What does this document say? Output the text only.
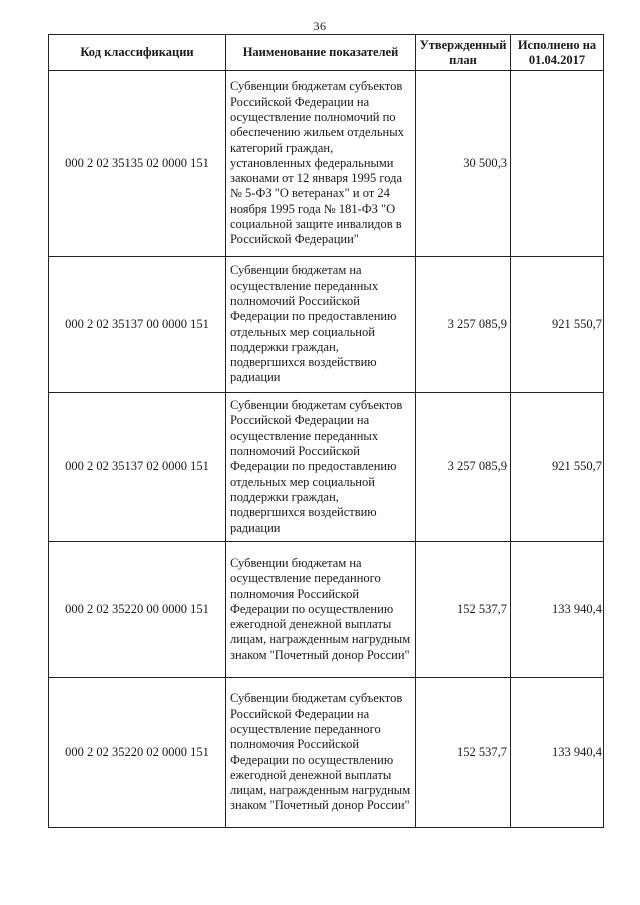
36
Код классификации	Наименование показателей	Утвержденный план	Исполнено на 01.04.2017
000 2 02 35135 02 0000 151	Субвенции бюджетам субъектов Российской Федерации на осуществление полномочий по обеспечению жильем отдельных категорий граждан, установленных федеральными законами от 12 января 1995 года № 5-ФЗ "О ветеранах" и от 24 ноября 1995 года № 181-ФЗ "О социальной защите инвалидов в Российской Федерации"	30 500,3	
000 2 02 35137 00 0000 151	Субвенции бюджетам на осуществление переданных полномочий Российской Федерации по предоставлению отдельных мер социальной поддержки граждан, подвергшихся воздействию радиации	3 257 085,9	921 550,7
000 2 02 35137 02 0000 151	Субвенции бюджетам субъектов Российской Федерации на осуществление переданных полномочий Российской Федерации по предоставлению отдельных мер социальной поддержки граждан, подвергшихся воздействию радиации	3 257 085,9	921 550,7
000 2 02 35220 00 0000 151	Субвенции бюджетам на осуществление переданного полномочия Российской Федерации по осуществлению ежегодной денежной выплаты лицам, награжденным нагрудным знаком "Почетный донор России"	152 537,7	133 940,4
000 2 02 35220 02 0000 151	Субвенции бюджетам субъектов Российской Федерации на осуществление переданного полномочия Российской Федерации по осуществлению ежегодной денежной выплаты лицам, награжденным нагрудным знаком "Почетный донор России"	152 537,7	133 940,4
